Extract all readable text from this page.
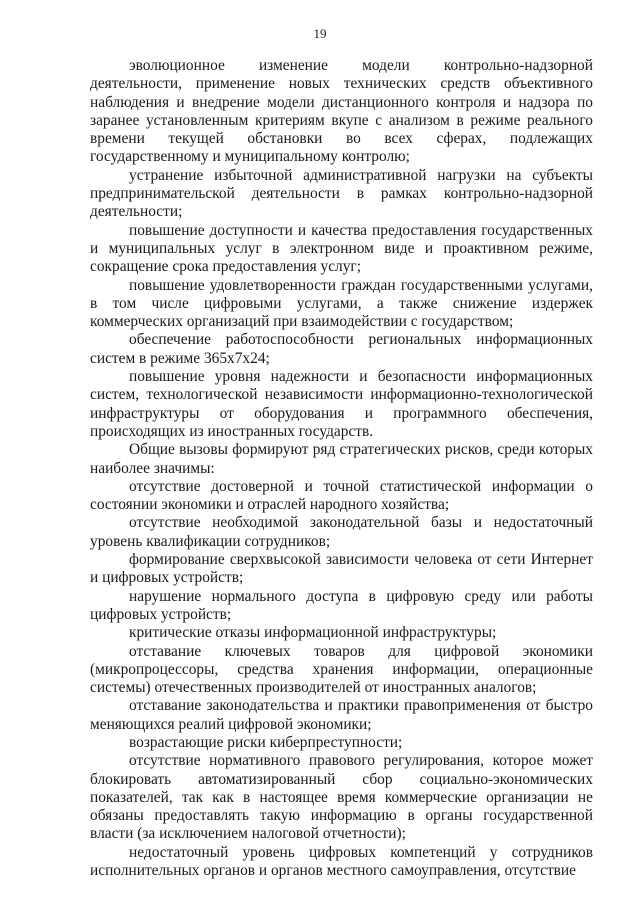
19

эволюционное изменение модели контрольно-надзорной деятельности, применение новых технических средств объективного наблюдения и внедрение модели дистанционного контроля и надзора по заранее установленным критериям вкупе с анализом в режиме реального времени текущей обстановки во всех сферах, подлежащих государственному и муниципальному контролю;

устранение избыточной административной нагрузки на субъекты предпринимательской деятельности в рамках контрольно-надзорной деятельности;

повышение доступности и качества предоставления государственных и муниципальных услуг в электронном виде и проактивном режиме, сокращение срока предоставления услуг;

повышение удовлетворенности граждан государственными услугами, в том числе цифровыми услугами, а также снижение издержек коммерческих организаций при взаимодействии с государством;

обеспечение работоспособности региональных информационных систем в режиме 365х7х24;

повышение уровня надежности и безопасности информационных систем, технологической независимости информационно-технологической инфраструктуры от оборудования и программного обеспечения, происходящих из иностранных государств.

Общие вызовы формируют ряд стратегических рисков, среди которых наиболее значимы:

отсутствие достоверной и точной статистической информации о состоянии экономики и отраслей народного хозяйства;

отсутствие необходимой законодательной базы и недостаточный уровень квалификации сотрудников;

формирование сверхвысокой зависимости человека от сети Интернет и цифровых устройств;

нарушение нормального доступа в цифровую среду или работы цифровых устройств;

критические отказы информационной инфраструктуры;

отставание ключевых товаров для цифровой экономики (микропроцессоры, средства хранения информации, операционные системы) отечественных производителей от иностранных аналогов;

отставание законодательства и практики правоприменения от быстро меняющихся реалий цифровой экономики;

возрастающие риски киберпреступности;

отсутствие нормативного правового регулирования, которое может блокировать автоматизированный сбор социально-экономических показателей, так как в настоящее время коммерческие организации не обязаны предоставлять такую информацию в органы государственной власти (за исключением налоговой отчетности);

недостаточный уровень цифровых компетенций у сотрудников исполнительных органов и органов местного самоуправления, отсутствие
